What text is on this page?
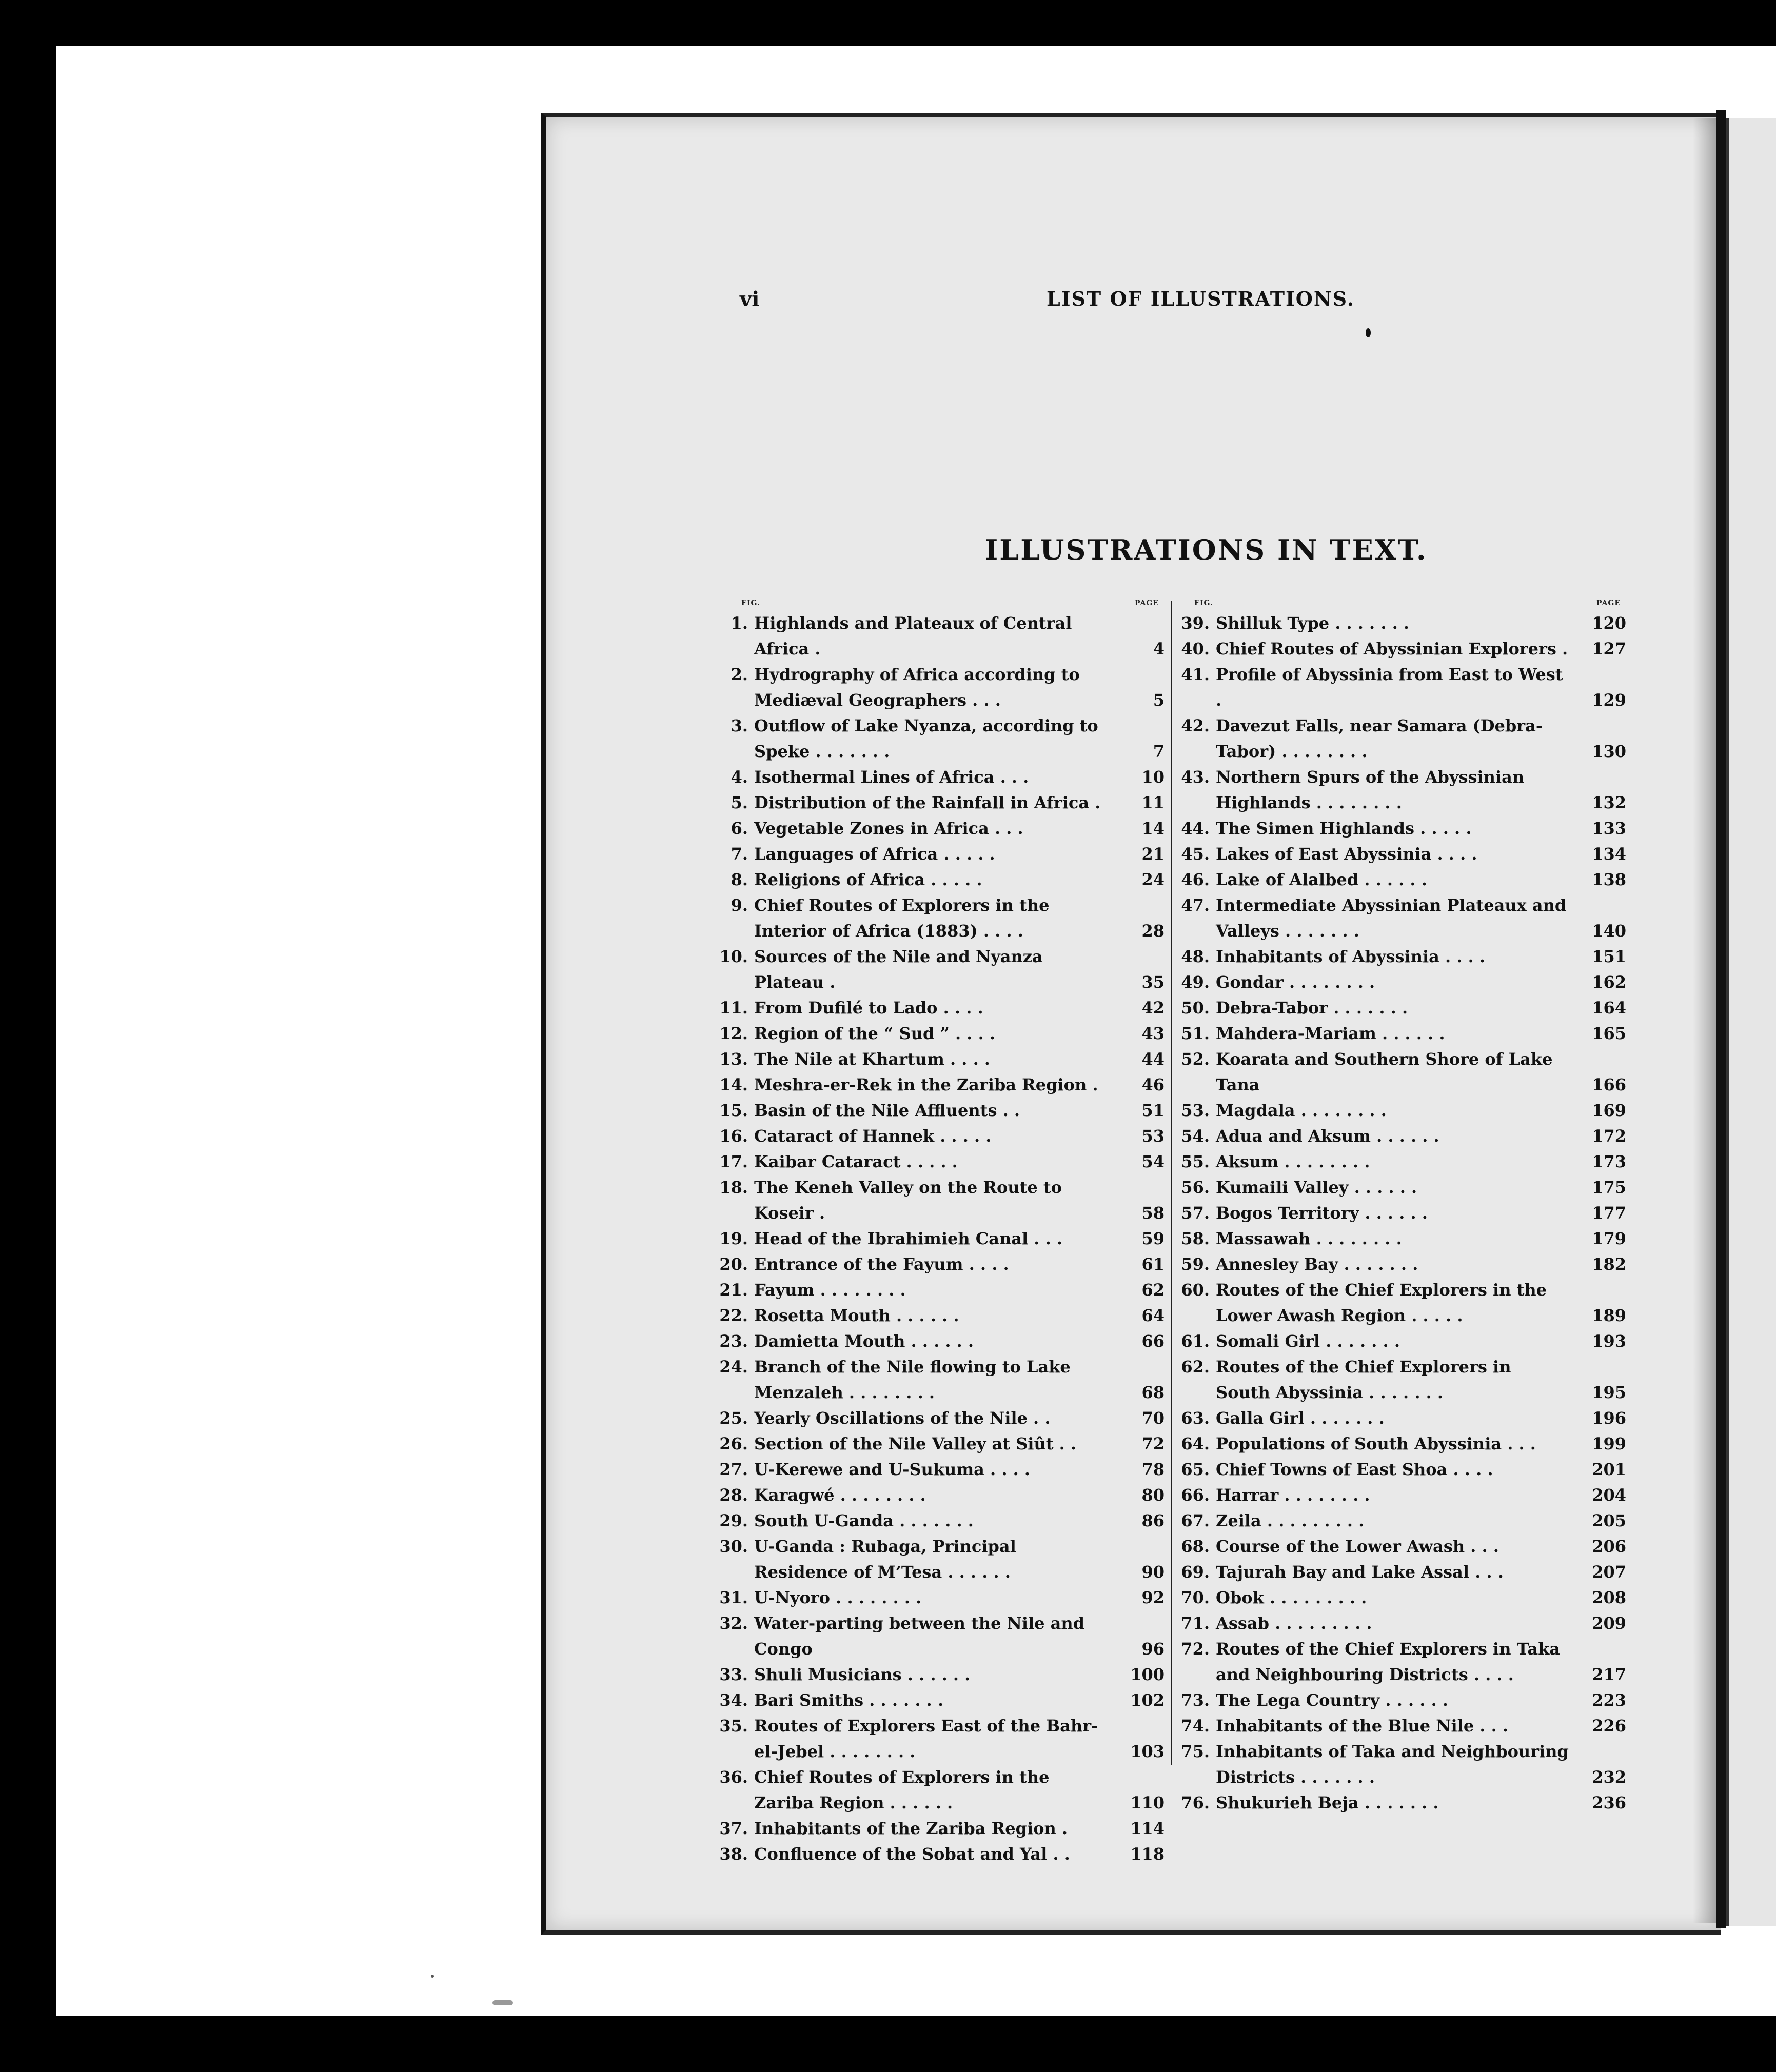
vi	LIST OF ILLUSTRATIONS.
ILLUSTRATIONS IN TEXT.
FIG.	PAGE	FIG.	PAGE
1. Highlands and Plateaux of Central Africa .	4
2. Hydrography of Africa according to Mediæval Geographers . . .	5
3. Outflow of Lake Nyanza, according to Speke . . . . . . .	7
4. Isothermal Lines of Africa . . .	10
5. Distribution of the Rainfall in Africa .	11
6. Vegetable Zones in Africa . . .	14
7. Languages of Africa . . . . .	21
8. Religions of Africa . . . . .	24
9. Chief Routes of Explorers in the Interior of Africa (1883) . . . .	28
10. Sources of the Nile and Nyanza Plateau .	35
11. From Dufilé to Lado . . . .	42
12. Region of the “ Sud ” . . . .	43
13. The Nile at Khartum . . . .	44
14. Meshra-er-Rek in the Zariba Region .	46
15. Basin of the Nile Affluents . .	51
16. Cataract of Hannek . . . . .	53
17. Kaibar Cataract . . . . .	54
18. The Keneh Valley on the Route to Koseir .	58
19. Head of the Ibrahimieh Canal . . .	59
20. Entrance of the Fayum . . . .	61
21. Fayum . . . . . . . .	62
22. Rosetta Mouth . . . . . .	64
23. Damietta Mouth . . . . . .	66
24. Branch of the Nile flowing to Lake Menzaleh . . . . . . . .	68
25. Yearly Oscillations of the Nile . .	70
26. Section of the Nile Valley at Siût . .	72
27. U-Kerewe and U-Sukuma . . . .	78
28. Karagwé . . . . . . . .	80
29. South U-Ganda . . . . . . .	86
30. U-Ganda : Rubaga, Principal Residence of M’Tesa . . . . . .	90
31. U-Nyoro . . . . . . . .	92
32. Water-parting between the Nile and Congo	96
33. Shuli Musicians . . . . . .	100
34. Bari Smiths . . . . . . .	102
35. Routes of Explorers East of the Bahr-el-Jebel . . . . . . . .	103
36. Chief Routes of Explorers in the Zariba Region . . . . . .	110
37. Inhabitants of the Zariba Region .	114
38. Confluence of the Sobat and Yal . .	118
39. Shilluk Type . . . . . . .	120
40. Chief Routes of Abyssinian Explorers .	127
41. Profile of Abyssinia from East to West .	129
42. Davezut Falls, near Samara (Debra-Tabor) . . . . . . . .	130
43. Northern Spurs of the Abyssinian Highlands . . . . . . . .	132
44. The Simen Highlands . . . . .	133
45. Lakes of East Abyssinia . . . .	134
46. Lake of Alalbed . . . . . .	138
47. Intermediate Abyssinian Plateaux and Valleys . . . . . . .	140
48. Inhabitants of Abyssinia . . . .	151
49. Gondar . . . . . . . .	162
50. Debra-Tabor . . . . . . .	164
51. Mahdera-Mariam . . . . . .	165
52. Koarata and Southern Shore of Lake Tana	166
53. Magdala . . . . . . . .	169
54. Adua and Aksum . . . . . .	172
55. Aksum . . . . . . . .	173
56. Kumaili Valley . . . . . .	175
57. Bogos Territory . . . . . .	177
58. Massawah . . . . . . . .	179
59. Annesley Bay . . . . . . .	182
60. Routes of the Chief Explorers in the Lower Awash Region . . . . .	189
61. Somali Girl . . . . . . .	193
62. Routes of the Chief Explorers in South Abyssinia . . . . . . .	195
63. Galla Girl . . . . . . .	196
64. Populations of South Abyssinia . . .	199
65. Chief Towns of East Shoa . . . .	201
66. Harrar . . . . . . . .	204
67. Zeila . . . . . . . . .	205
68. Course of the Lower Awash . . .	206
69. Tajurah Bay and Lake Assal . . .	207
70. Obok . . . . . . . . .	208
71. Assab . . . . . . . . .	209
72. Routes of the Chief Explorers in Taka and Neighbouring Districts . . . .	217
73. The Lega Country . . . . . .	223
74. Inhabitants of the Blue Nile . . .	226
75. Inhabitants of Taka and Neighbouring Districts . . . . . . .	232
76. Shukurieh Beja . . . . . . .	236
